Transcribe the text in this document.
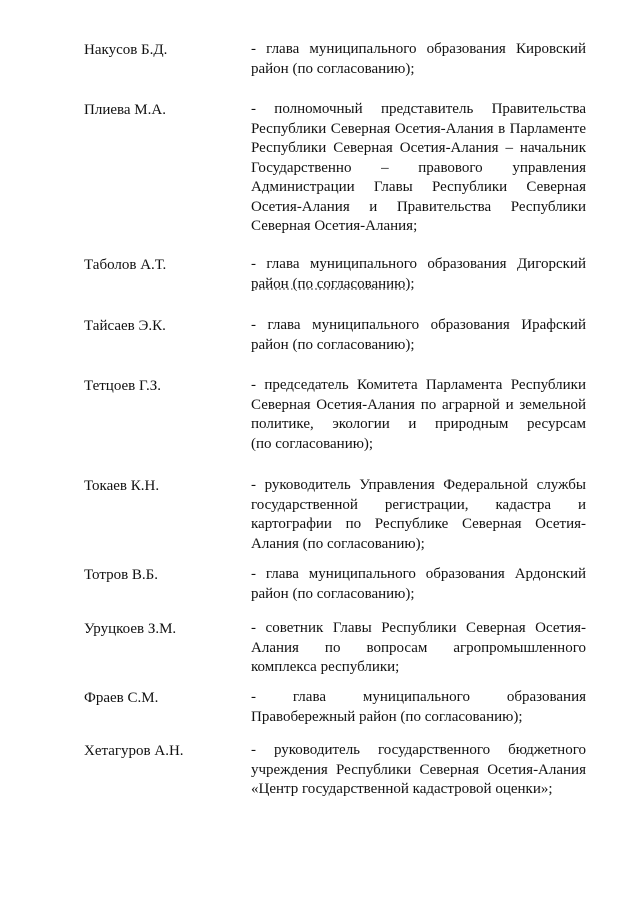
Накусов Б.Д.	- глава муниципального образования Кировский
район (по согласованию);
Плиева М.А.	- полномочный представитель Правительства
Республики Северная Осетия-Алания в Парламенте
Республики Северная Осетия-Алания – начальник
Государственно – правового управления
Администрации Главы Республики Северная
Осетия-Алания и Правительства Республики
Северная Осетия-Алания;
Таболов А.Т.	- глава муниципального образования Дигорский
район (по согласованию);
Тайсаев Э.К.	- глава муниципального образования Ирафский
район (по согласованию);
Тетцоев Г.З.	- председатель Комитета Парламента Республики
Северная Осетия-Алания по аграрной и земельной
политике, экологии и природным ресурсам
(по согласованию);
Токаев К.Н.	- руководитель Управления Федеральной службы
государственной регистрации, кадастра и
картографии по Республике Северная Осетия-
Алания (по согласованию);
Тотров В.Б.	- глава муниципального образования Ардонский
район (по согласованию);
Уруцкоев З.М.	- советник Главы Республики Северная Осетия-
Алания по вопросам агропромышленного
комплекса республики;
Фраев С.М.	- глава муниципального образования
Правобережный район (по согласованию);
Хетагуров А.Н.	- руководитель государственного бюджетного
учреждения Республики Северная Осетия-Алания
«Центр государственной кадастровой оценки»;
